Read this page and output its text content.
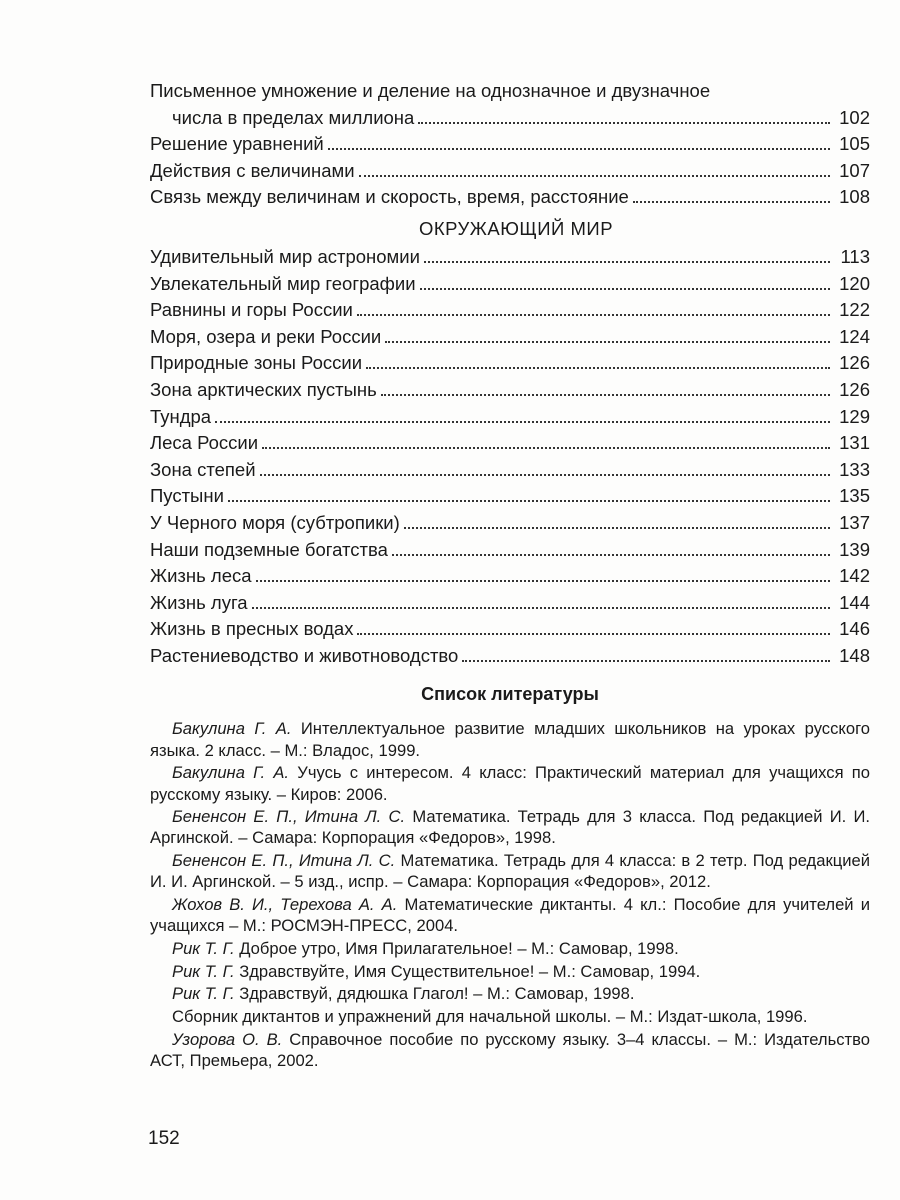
Письменное умножение и деление на однозначное и двузначное
числа в пределах миллиона	102
Решение уравнений	105
Действия с величинами	107
Связь между величинам и скорость, время, расстояние	108
ОКРУЖАЮЩИЙ МИР
Удивительный мир астрономии	113
Увлекательный мир географии	120
Равнины и горы России	122
Моря, озера и реки России	124
Природные зоны России	126
Зона арктических пустынь	126
Тундра	129
Леса России	131
Зона степей	133
Пустыни	135
У Черного моря (субтропики)	137
Наши подземные богатства	139
Жизнь леса	142
Жизнь луга	144
Жизнь в пресных водах	146
Растениеводство и животноводство	148
Список литературы

Бакулина Г. А. Интеллектуальное развитие младших школьников на уроках русского языка. 2 класс. – М.: Владос, 1999.

Бакулина Г. А. Учусь с интересом. 4 класс: Практический материал для учащихся по русскому языку. – Киров: 2006.

Бененсон Е. П., Итина Л. С. Математика. Тетрадь для 3 класса. Под редакцией И. И. Аргинской. – Самара: Корпорация «Федоров», 1998.

Бененсон Е. П., Итина Л. С. Математика. Тетрадь для 4 класса: в 2 тетр. Под редакцией И. И. Аргинской. – 5 изд., испр. – Самара: Корпорация «Федоров», 2012.

Жохов В. И., Терехова А. А. Математические диктанты. 4 кл.: Пособие для учителей и учащихся – М.: РОСМЭН-ПРЕСС, 2004.

Рик Т. Г. Доброе утро, Имя Прилагательное! – М.: Самовар, 1998.

Рик Т. Г. Здравствуйте, Имя Существительное! – М.: Самовар, 1994.

Рик Т. Г. Здравствуй, дядюшка Глагол! – М.: Самовар, 1998.

Сборник диктантов и упражнений для начальной школы. – М.: Издат-школа, 1996.

Узорова О. В. Справочное пособие по русскому языку. 3–4 классы. – М.: Издательство АСТ, Премьера, 2002.

152
